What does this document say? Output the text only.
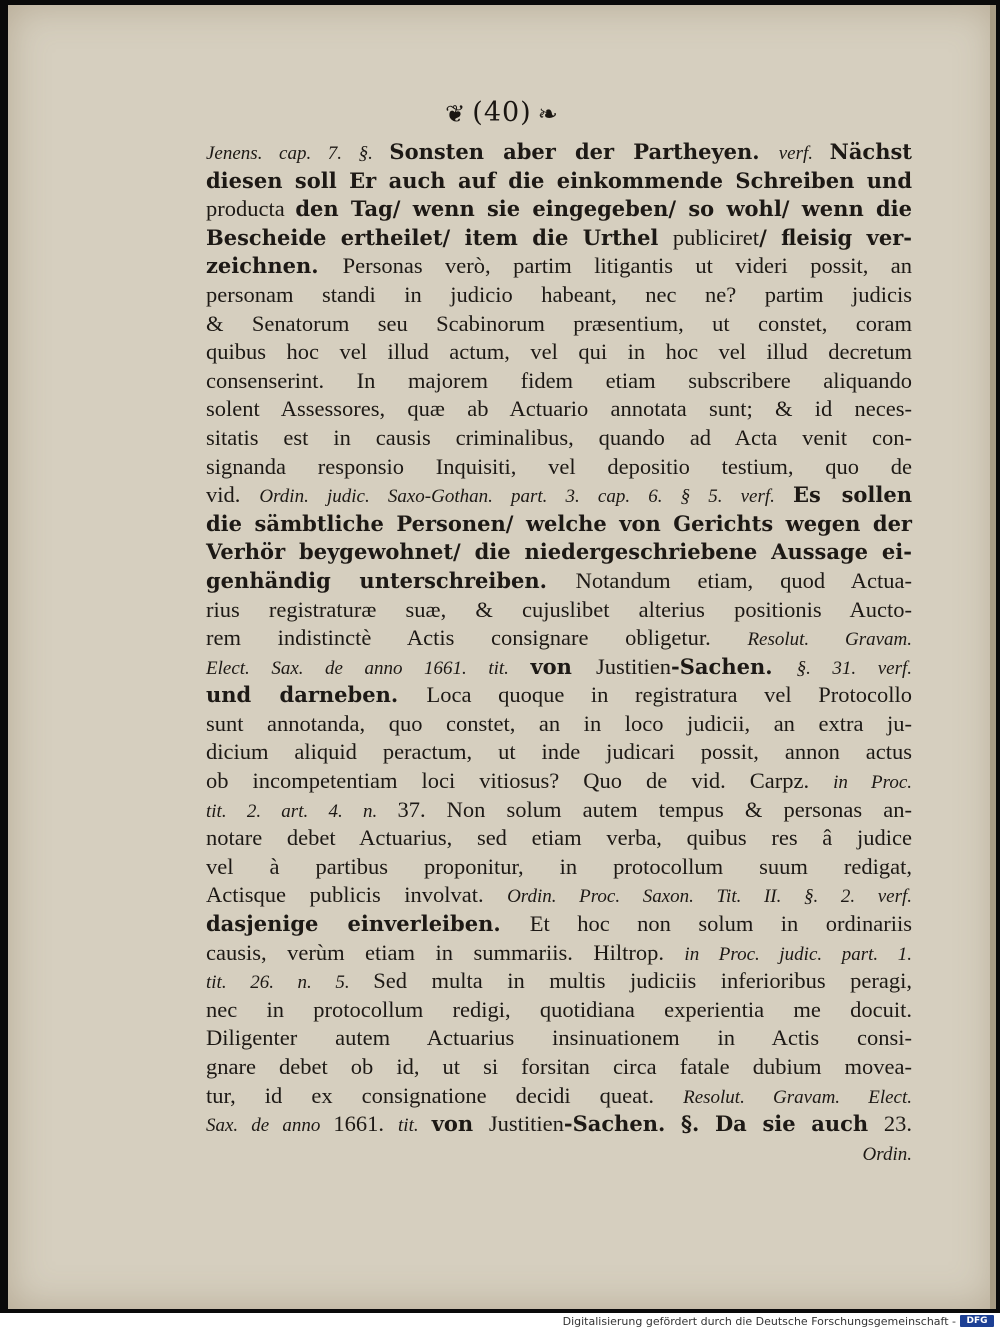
❦ (40) ❧
Jenens. cap. 7. §. Sonsten aber der Partheyen. verf. Nächst
diesen soll Er auch auf die einkommende Schreiben und
producta den Tag/ wenn sie eingegeben/ so wohl/ wenn die
Bescheide ertheilet/ item die Urthel publiciret/ fleisig ver-
zeichnen. Personas verò, partim litigantis ut videri possit, an
personam standi in judicio habeant, nec ne? partim judicis
& Senatorum seu Scabinorum præsentium, ut constet, coram
quibus hoc vel illud actum, vel qui in hoc vel illud decretum
consenserint. In majorem fidem etiam subscribere aliquando
solent Assessores, quæ ab Actuario annotata sunt; & id neces-
sitatis est in causis criminalibus, quando ad Acta venit con-
signanda responsio Inquisiti, vel depositio testium, quo de
vid. Ordin. judic. Saxo-Gothan. part. 3. cap. 6. § 5. verf. Es sollen
die sämbtliche Personen/ welche von Gerichts wegen der
Verhör beygewohnet/ die niedergeschriebene Aussage ei-
genhändig unterschreiben. Notandum etiam, quod Actua-
rius registraturæ suæ, & cujuslibet alterius positionis Aucto-
rem indistinctè Actis consignare obligetur. Resolut. Gravam.
Elect. Sax. de anno 1661. tit. von Justitien-Sachen. §. 31. verf.
und darneben. Loca quoque in registratura vel Protocollo
sunt annotanda, quo constet, an in loco judicii, an extra ju-
dicium aliquid peractum, ut inde judicari possit, annon actus
ob incompetentiam loci vitiosus? Quo de vid. Carpz. in Proc.
tit. 2. art. 4. n. 37. Non solum autem tempus & personas an-
notare debet Actuarius, sed etiam verba, quibus res â judice
vel à partibus proponitur, in protocollum suum redigat,
Actisque publicis involvat. Ordin. Proc. Saxon. Tit. II. §. 2. verf.
dasjenige einverleiben. Et hoc non solum in ordinariis
causis, verùm etiam in summariis. Hiltrop. in Proc. judic. part. 1.
tit. 26. n. 5. Sed multa in multis judiciis inferioribus peragi,
nec in protocollum redigi, quotidiana experientia me docuit.
Diligenter autem Actuarius insinuationem in Actis consi-
gnare debet ob id, ut si forsitan circa fatale dubium movea-
tur, id ex consignatione decidi queat. Resolut. Gravam. Elect.
Sax. de anno 1661. tit. von Justitien-Sachen. §. Da sie auch 23.
Ordin.
Digitalisierung gefördert durch die Deutsche Forschungsgemeinschaft -	DFG
